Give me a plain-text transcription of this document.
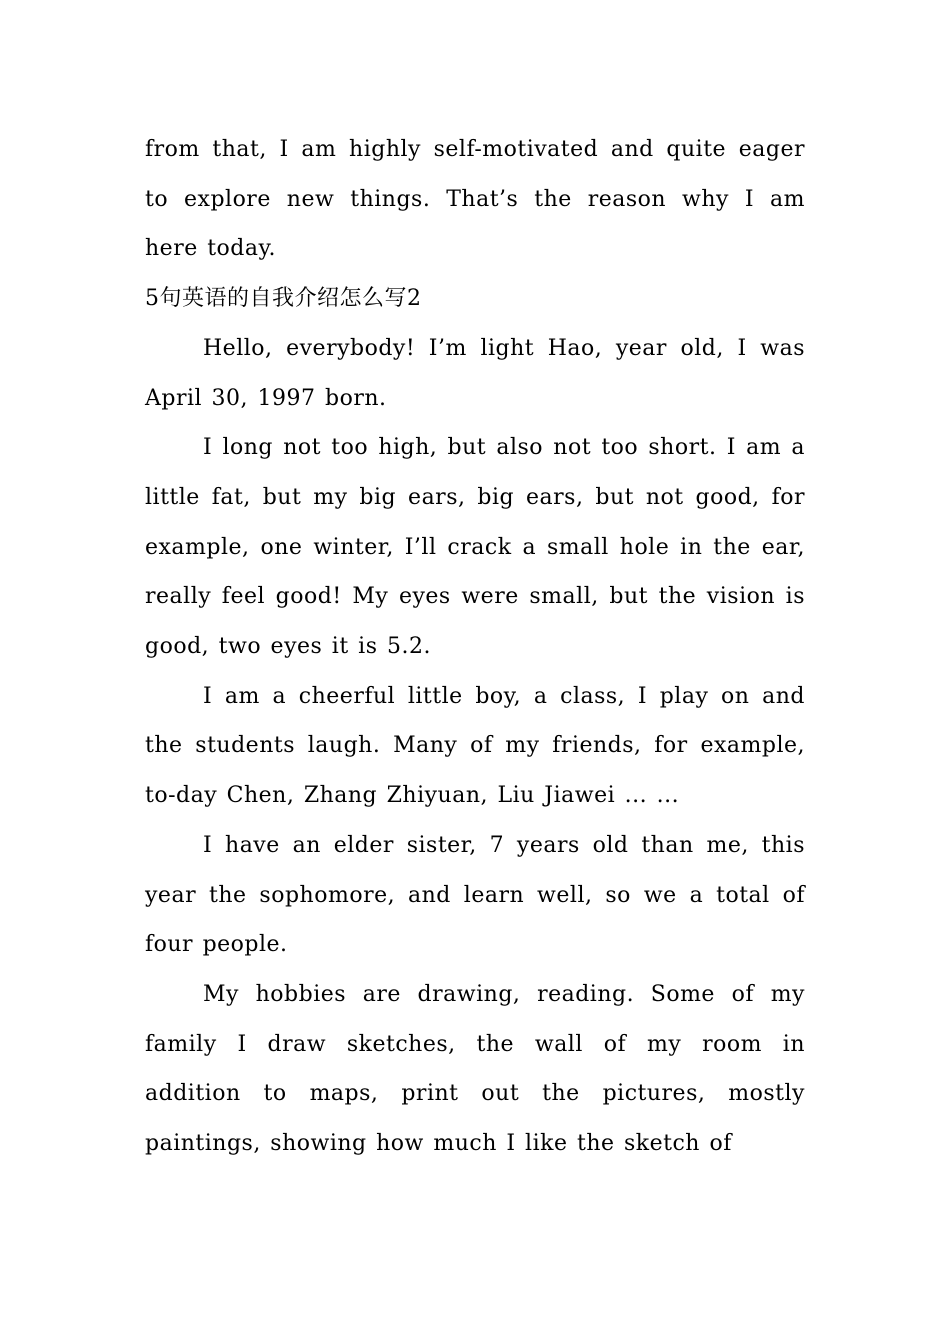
from that, I am highly self-motivated and quite eager to explore new things. That’s the reason why I am here today.

5句英语的自我介绍怎么写2

Hello, everybody! I’m light Hao, year old, I was April 30, 1997 born.

I long not too high, but also not too short. I am a little fat, but my big ears, big ears, but not good, for example, one winter, I’ll crack a small hole in the ear, really feel good! My eyes were small, but the vision is good, two eyes it is 5.2.

I am a cheerful little boy, a class, I play on and the students laugh. Many of my friends, for example, to-day Chen, Zhang Zhiyuan, Liu Jiawei ... ...

I have an elder sister, 7 years old than me, this year the sophomore, and learn well, so we a total of four people.

My hobbies are drawing, reading. Some of my family I draw sketches, the wall of my room in addition to maps, print out the pictures, mostly paintings, showing how much I like the sketch of
